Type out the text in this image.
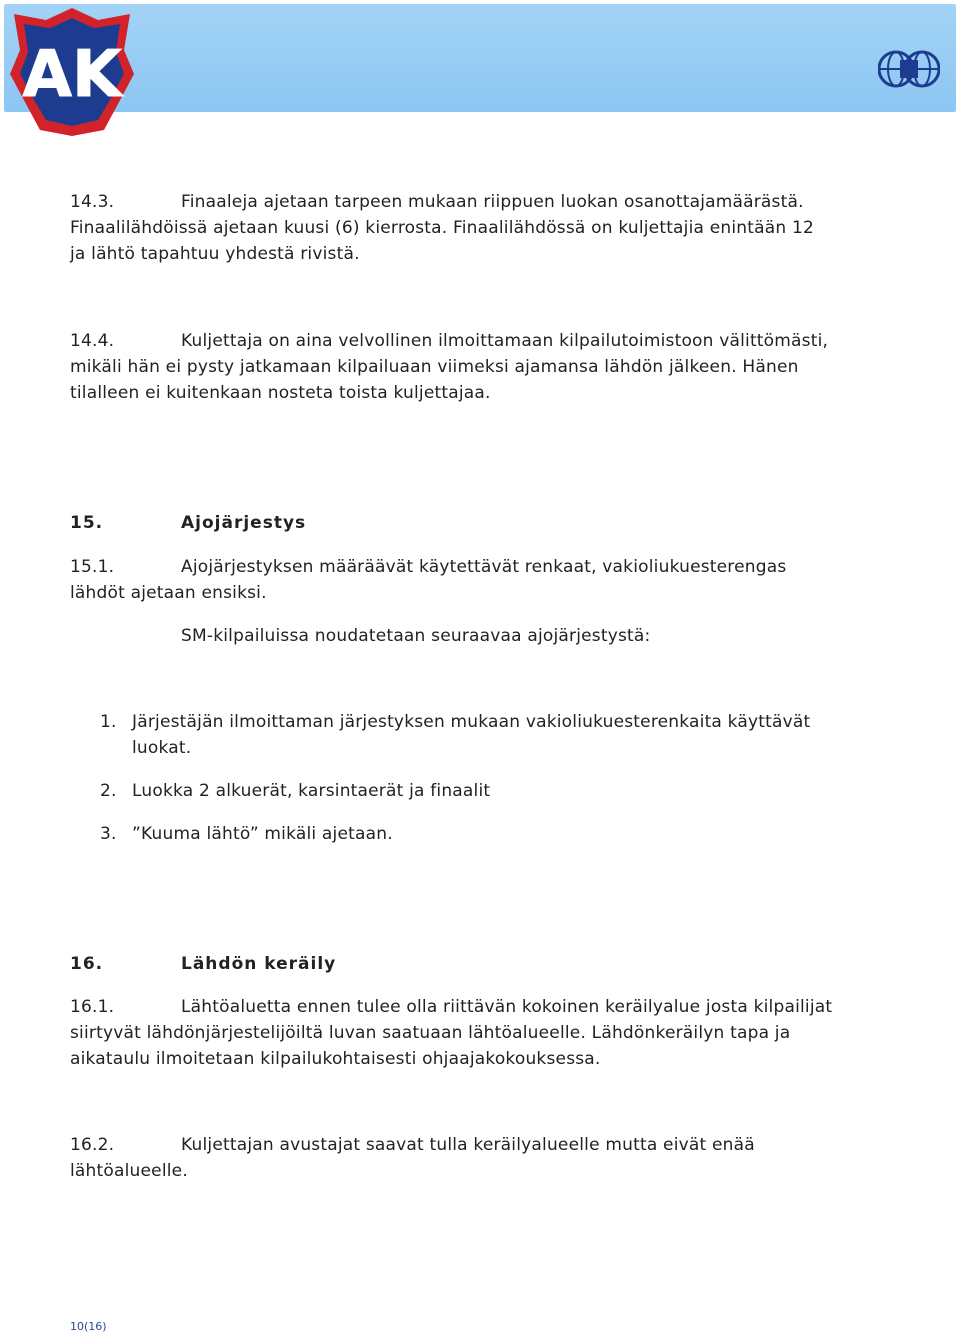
AK
14.3.	Finaaleja ajetaan tarpeen mukaan riippuen luokan osanottajamäärästä.
Finaalilähdöissä ajetaan kuusi (6) kierrosta. Finaalilähdössä on kuljettajia enintään 12
ja lähtö tapahtuu yhdestä rivistä.
14.4.	Kuljettaja on aina velvollinen ilmoittamaan kilpailutoimistoon välittömästi,
mikäli hän ei pysty jatkamaan kilpailuaan viimeksi ajamansa lähdön jälkeen. Hänen
tilalleen ei kuitenkaan nosteta toista kuljettajaa.
15.	Ajojärjestys
15.1.	Ajojärjestyksen määräävät käytettävät renkaat, vakioliukuesterengas
lähdöt ajetaan ensiksi.
SM-kilpailuissa noudatetaan seuraavaa ajojärjestystä:
1. Järjestäjän ilmoittaman järjestyksen mukaan vakioliukuesterenkaita käyttävät
luokat.
2. Luokka 2 alkuerät, karsintaerät ja finaalit
3. ”Kuuma lähtö” mikäli ajetaan.
16.	Lähdön keräily
16.1.	Lähtöaluetta ennen tulee olla riittävän kokoinen keräilyalue josta kilpailijat
siirtyvät lähdönjärjestelijöiltä luvan saatuaan lähtöalueelle. Lähdönkeräilyn tapa ja
aikataulu ilmoitetaan kilpailukohtaisesti ohjaajakokouksessa.
16.2.	Kuljettajan avustajat saavat tulla keräilyalueelle mutta eivät enää
lähtöalueelle.
10(16)
